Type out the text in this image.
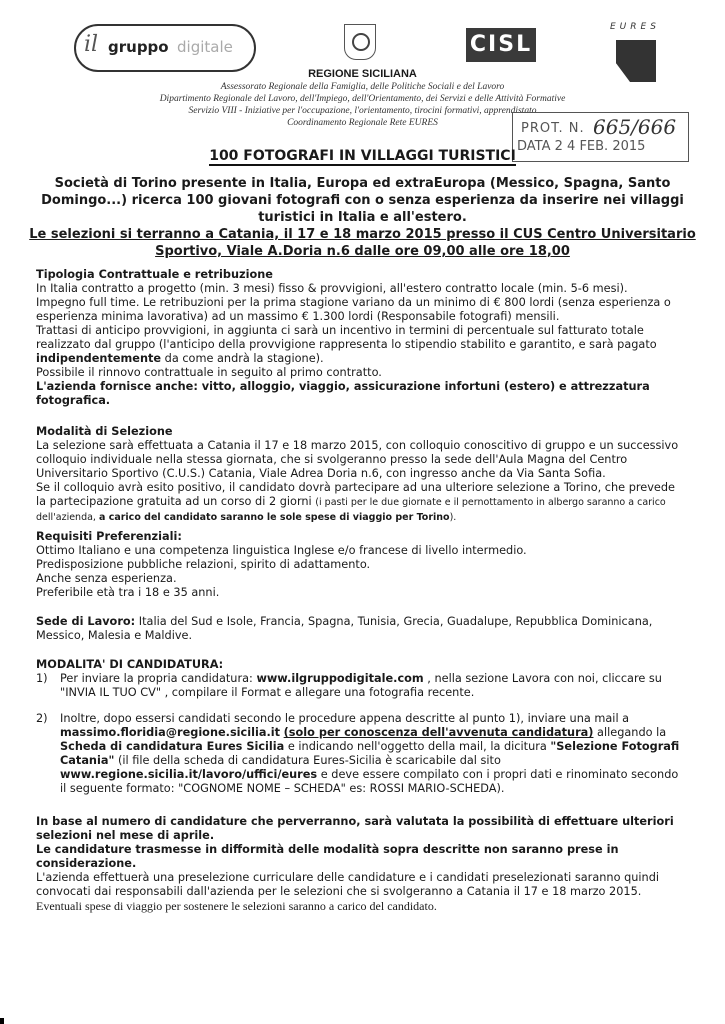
il gruppo digitale	CISL
EURES
REGIONE SICILIANA
Assessorato Regionale della Famiglia, delle Politiche Sociali e del Lavoro
Dipartimento Regionale del Lavoro, dell'Impiego, dell'Orientamento, dei Servizi e delle Attività Formative
Servizio VIII - Iniziative per l'occupazione, l'orientamento, tirocini formativi, apprendistato
Coordinamento Regionale Rete EURES	PROT. N. 665/666
DATA 2 4 FEB. 2015
100 FOTOGRAFI IN VILLAGGI TURISTICI
Società di Torino presente in Italia, Europa ed extraEuropa (Messico, Spagna, Santo Domingo...) ricerca 100 giovani fotografi con o senza esperienza da inserire nei villaggi turistici in Italia e all'estero.
Le selezioni si terranno a Catania, il 17 e 18 marzo 2015 presso il CUS Centro Universitario Sportivo, Viale A.Doria n.6 dalle ore 09,00 alle ore 18,00
Tipologia Contrattuale e retribuzione
In Italia contratto a progetto (min. 3 mesi) fisso & provvigioni, all'estero contratto locale (min. 5-6 mesi).
Impegno full time. Le retribuzioni per la prima stagione variano da un minimo di € 800 lordi (senza esperienza o esperienza minima lavorativa) ad un massimo € 1.300 lordi (Responsabile fotografi) mensili.
Trattasi di anticipo provvigioni, in aggiunta ci sarà un incentivo in termini di percentuale sul fatturato totale realizzato dal gruppo (l'anticipo della provvigione rappresenta lo stipendio stabilito e garantito, e sarà pagato indipendentemente da come andrà la stagione).
Possibile il rinnovo contrattuale in seguito al primo contratto.
L'azienda fornisce anche: vitto, alloggio, viaggio, assicurazione infortuni (estero) e attrezzatura fotografica.
Modalità di Selezione
La selezione sarà effettuata a Catania il 17 e 18 marzo 2015, con colloquio conoscitivo di gruppo e un successivo colloquio individuale nella stessa giornata, che si svolgeranno presso la sede dell'Aula Magna del Centro Universitario Sportivo (C.U.S.) Catania, Viale Adrea Doria n.6, con ingresso anche da Via Santa Sofia.
Se il colloquio avrà esito positivo, il candidato dovrà partecipare ad una ulteriore selezione a Torino, che prevede la partecipazione gratuita ad un corso di 2 giorni (i pasti per le due giornate e il pernottamento in albergo saranno a carico dell'azienda, a carico del candidato saranno le sole spese di viaggio per Torino).
Requisiti Preferenziali:
Ottimo Italiano e una competenza linguistica Inglese e/o francese di livello intermedio.
Predisposizione pubbliche relazioni, spirito di adattamento.
Anche senza esperienza.
Preferibile età tra i 18 e 35 anni.
Sede di Lavoro: Italia del Sud e Isole, Francia, Spagna, Tunisia, Grecia, Guadalupe, Repubblica Dominicana, Messico, Malesia e Maldive.
MODALITA' DI CANDIDATURA:
1) Per inviare la propria candidatura: www.ilgruppodigitale.com , nella sezione Lavora con noi, cliccare su "INVIA IL TUO CV" , compilare il Format e allegare una fotografia recente.
2) Inoltre, dopo essersi candidati secondo le procedure appena descritte al punto 1), inviare una mail a massimo.floridia@regione.sicilia.it (solo per conoscenza dell'avvenuta candidatura) allegando la Scheda di candidatura Eures Sicilia e indicando nell'oggetto della mail, la dicitura "Selezione Fotografi Catania" (il file della scheda di candidatura Eures-Sicilia è scaricabile dal sito www.regione.sicilia.it/lavoro/uffici/eures e deve essere compilato con i propri dati e rinominato secondo il seguente formato: "COGNOME NOME – SCHEDA" es: ROSSI MARIO-SCHEDA).
In base al numero di candidature che perverranno, sarà valutata la possibilità di effettuare ulteriori selezioni nel mese di aprile.
Le candidature trasmesse in difformità delle modalità sopra descritte non saranno prese in considerazione.
L'azienda effettuerà una preselezione curriculare delle candidature e i candidati preselezionati saranno quindi convocati dai responsabili dall'azienda per le selezioni che si svolgeranno a Catania il 17 e 18 marzo 2015.
Eventuali spese di viaggio per sostenere le selezioni saranno a carico del candidato.
